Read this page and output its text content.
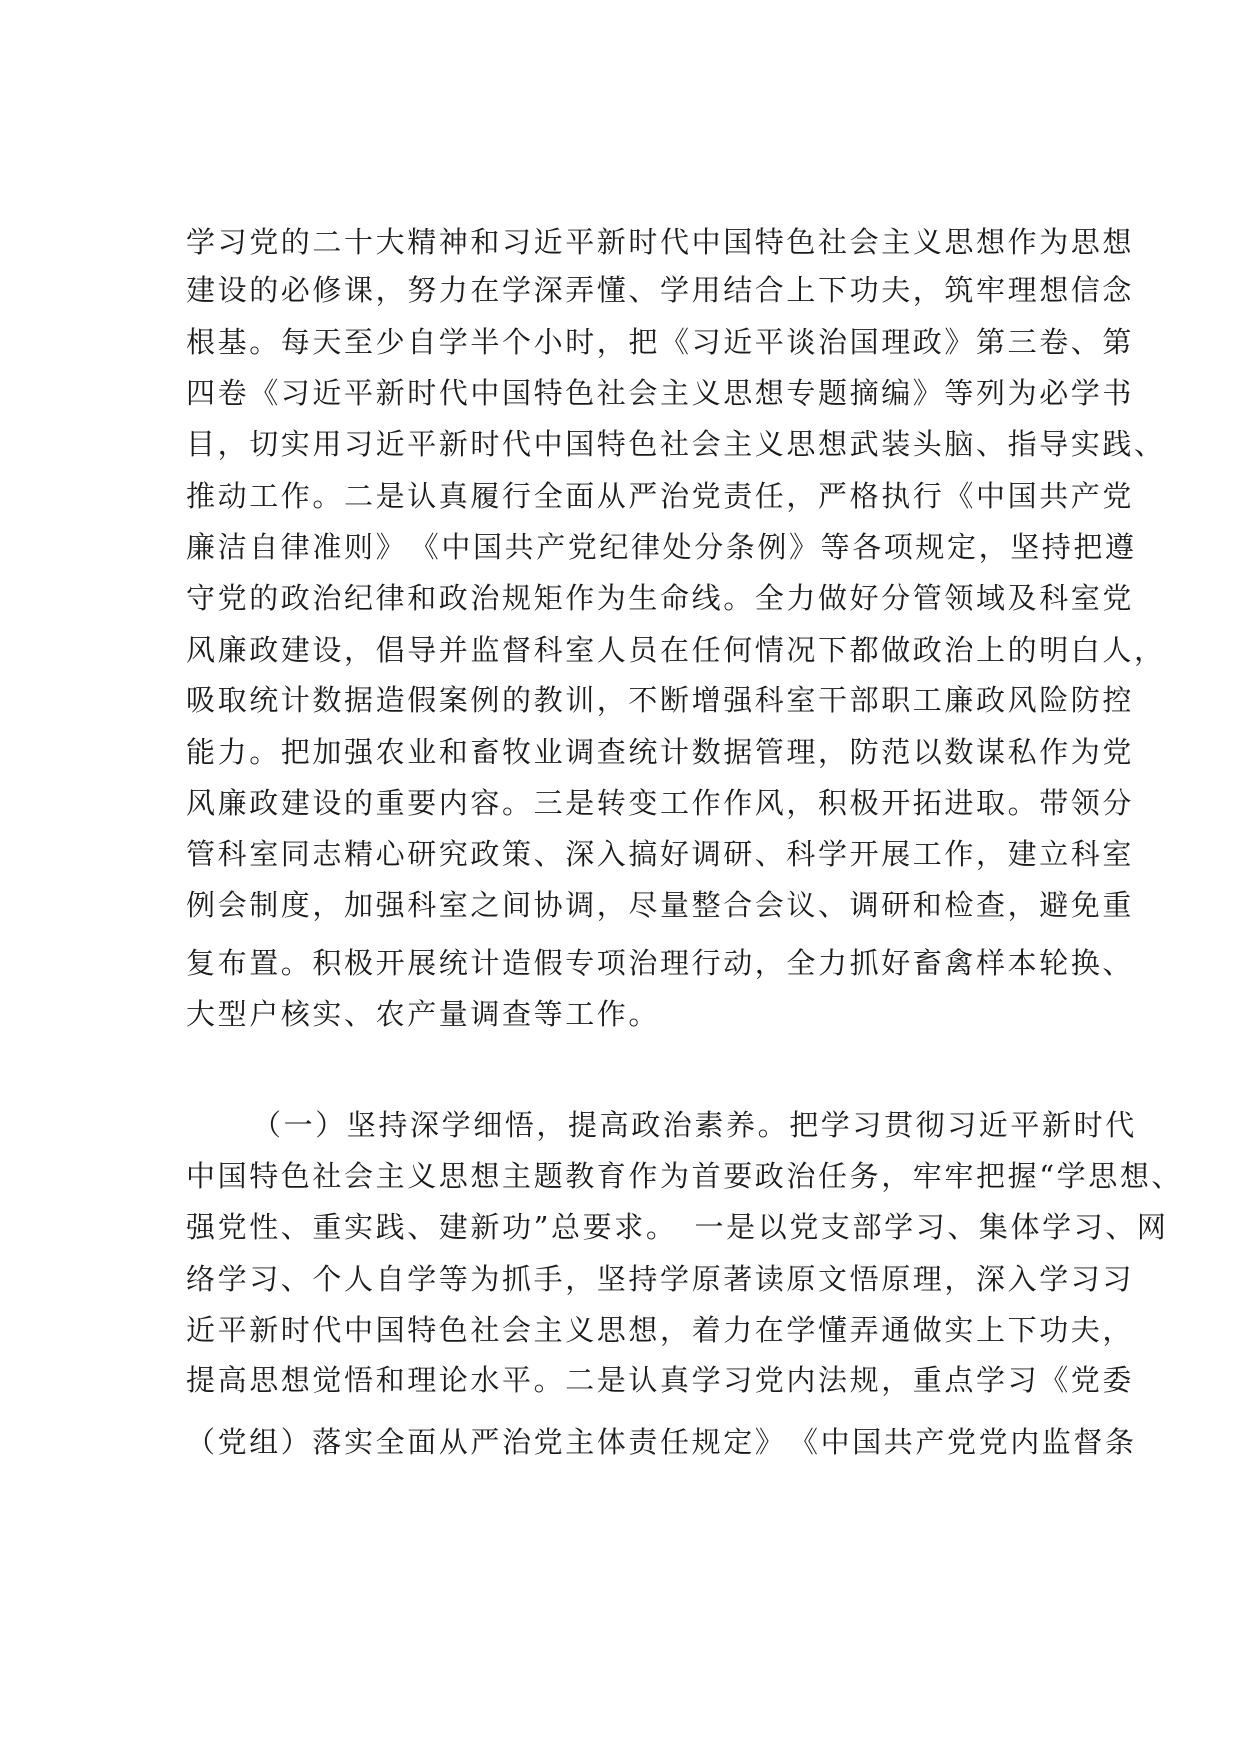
学习党的二十大精神和习近平新时代中国特色社会主义思想作为思想
建设的必修课，努力在学深弄懂、学用结合上下功夫，筑牢理想信念
根基。每天至少自学半个小时，把《习近平谈治国理政》第三卷、第
四卷《习近平新时代中国特色社会主义思想专题摘编》等列为必学书
目，切实用习近平新时代中国特色社会主义思想武装头脑、指导实践、
推动工作。二是认真履行全面从严治党责任，严格执行《中国共产党
廉洁自律准则》　《中国共产党纪律处分条例》等各项规定，坚持把遵
守党的政治纪律和政治规矩作为生命线。全力做好分管领域及科室党
风廉政建设，倡导并监督科室人员在任何情况下都做政治上的明白人，
吸取统计数据造假案例的教训，不断增强科室干部职工廉政风险防控
能力。把加强农业和畜牧业调查统计数据管理，防范以数谋私作为党
风廉政建设的重要内容。三是转变工作作风，积极开拓进取。带领分
管科室同志精心研究政策、深入搞好调研、科学开展工作，建立科室
例会制度，加强科室之间协调，尽量整合会议、调研和检查，避免重
复布置。积极开展统计造假专项治理行动，全力抓好畜禽样本轮换、
大型户核实、农产量调查等工作。
（一）坚持深学细悟，提高政治素养。把学习贯彻习近平新时代
中国特色社会主义思想主题教育作为首要政治任务，牢牢把握“学思想、
强党性、重实践、建新功”总要求。　一是以党支部学习、集体学习、网
络学习、个人自学等为抓手，坚持学原著读原文悟原理，深入学习习
近平新时代中国特色社会主义思想，着力在学懂弄通做实上下功夫，
提高思想觉悟和理论水平。二是认真学习党内法规，重点学习《党委
（党组）落实全面从严治党主体责任规定》　《中国共产党党内监督条
